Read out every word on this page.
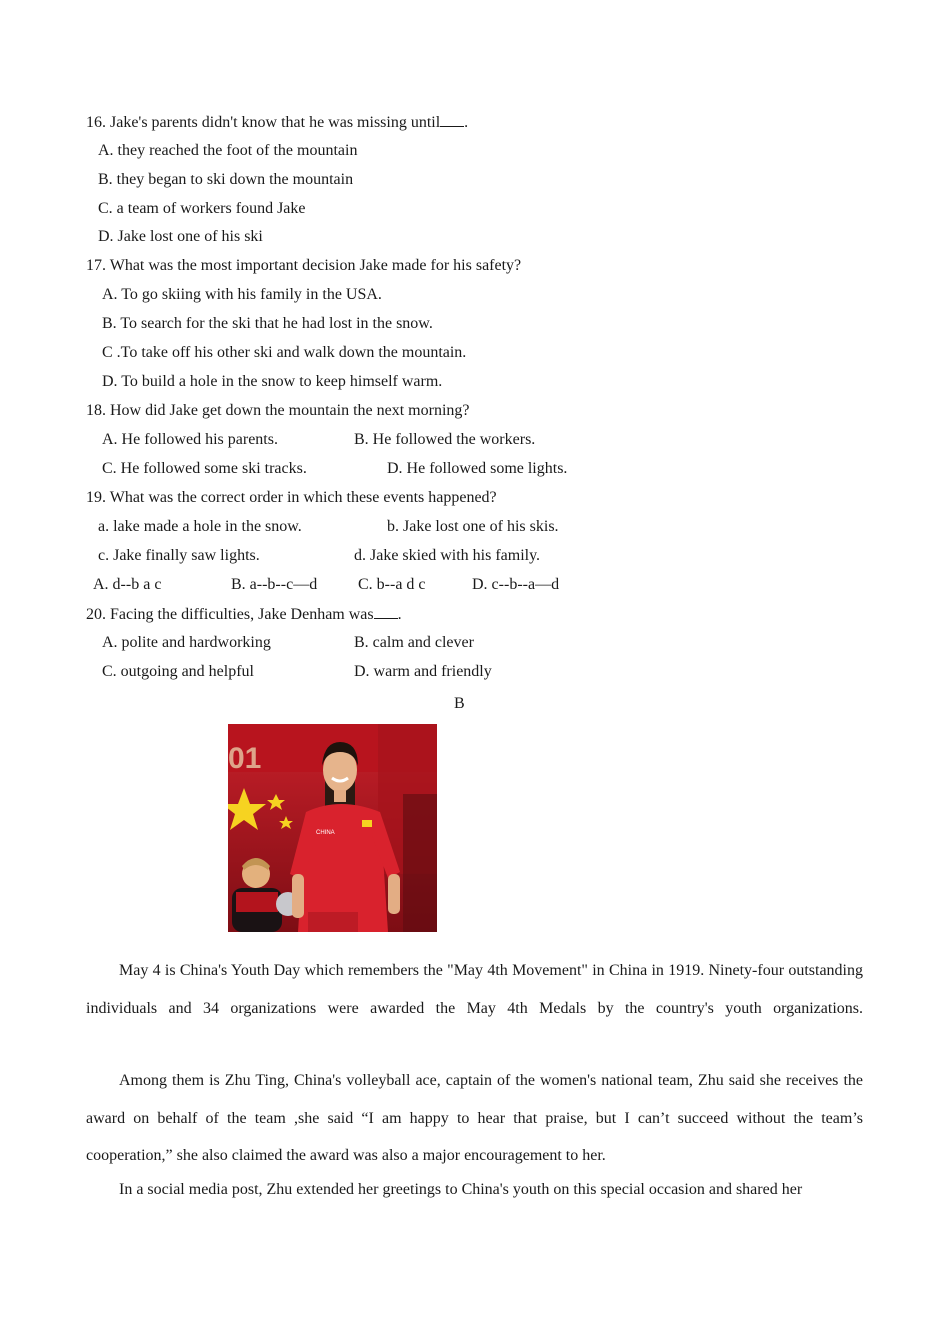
16. Jake's parents didn't know that he was missing until .
A. they reached the foot of the mountain
B. they began to ski down the mountain
C. a team of workers found Jake
D. Jake lost one of his ski
17. What was the most important decision Jake made for his safety?
A. To go skiing with his family in the USA.
B. To search for the ski that he had lost in the snow.
C .To take off his other ski and walk down the mountain.
D. To build a hole in the snow to keep himself warm.
18. How did Jake get down the mountain the next morning?
A. He followed his parents.	B. He followed the workers.
C. He followed some ski tracks.	D. He followed some lights.
19. What was the correct order in which these events happened?
a. lake made a hole in the snow.	b. Jake lost one of his skis.
c. Jake finally saw lights.	d. Jake skied with his family.
A. d--b a c	B. a--b--c—d	C. b--a d c	D. c--b--a—d
20. Facing the difficulties, Jake Denham was .
A. polite and hardworking	B. calm and clever
C. outgoing and helpful	D. warm and friendly
B
01
CHINA
May 4 is China's Youth Day which remembers the "May 4th Movement" in China in 1919. Ninety-four outstanding individuals and 34 organizations were awarded the May 4th Medals by the country's youth organizations.
Among them is Zhu Ting, China's volleyball ace, captain of the women's national team, Zhu said she receives the award on behalf of the team ,she said “I am happy to hear that praise, but I can’t succeed without the team’s cooperation,” she also claimed the award was also a major encouragement to her.
In a social media post, Zhu extended her greetings to China's youth on this special occasion and shared her
